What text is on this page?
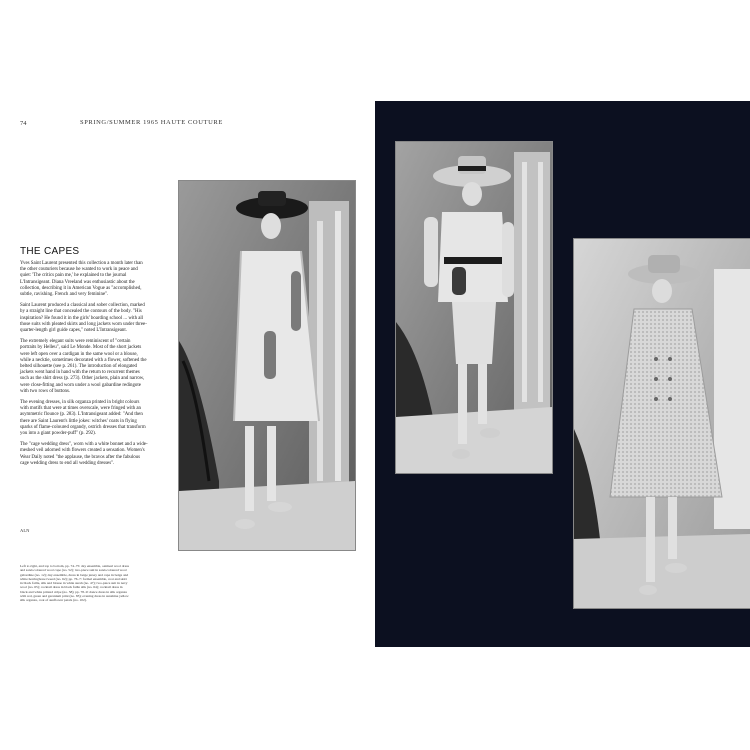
74	SPRING/SUMMER 1965 HAUTE COUTURE
THE CAPES

Yves Saint Laurent presented this collection a month later than the other couturiers because he wanted to work in peace and quiet: 'The critics pain me,' he explained to the journal L'Intransigeant. Diana Vreeland was enthusiastic about the collection, describing it in American Vogue as "accomplished, subtle, ravishing. French and very feminine".

Saint Laurent produced a classical and sober collection, marked by a straight line that concealed the contours of the body. "His inspiration? He found it in the girls' boarding school ... with all those suits with pleated skirts and long jackets worn under three-quarter-length girl guide capes," noted L'Intransigeant.

The extremely elegant suits were reminiscent of "certain portraits by Helleu", said Le Monde. Most of the short jackets were left open over a cardigan in the same wool or a blouse, while a necktie, sometimes decorated with a flower, softened the belted silhouette (see p. 261). The introduction of elongated jackets went hand in hand with the return to recurrent themes such as the shirt dress (p. 273). Other jackets, plain and narrow, were close-fitting and worn under a wool gabardine redingote with two rows of buttons.

The evening dresses, in silk organza printed in bright colours with motifs that were at times overscale, were fringed with an asymmetric flounce (p. 283). L'Intransigeant added: "And then there are Saint Laurent's little jokes: witches' coats in flying sparks of flame-coloured organdy, ostrich dresses that transform you into a giant powder-puff" (p. 292).

The "cage wedding dress", worn with a white bonnet and a wide-meshed veil adorned with flowers created a sensation. Women's Wear Daily noted "the applause, the bravos after the fabulous cage wedding dress to end all wedding dresses".

ALN
Left to right, and top to bottom, pp. 74–75: day ensemble, oatmeal wool dress and sand-coloured wool cape (no. 52); two-piece suit in sand-coloured wool gabardine (no. 12); day ensemble, dress in beige jersey and cape in beige and white herringbone tweed (no. 62); pp. 76–7: formal ensemble, coat and skirt in black faille, silk and blouse in white surah (no. 47); two-piece suit in navy wool (no. 65); cocktail dress in black faille silk (no. 64); cocktail dress in black and white printed crêpe (no. 58); pp. 78–9: dance dress in silk organza with red, green and geranium print (no. 83); evening dress in sunshine yellow silk organza, coat of sunflower petals (no. 102).
